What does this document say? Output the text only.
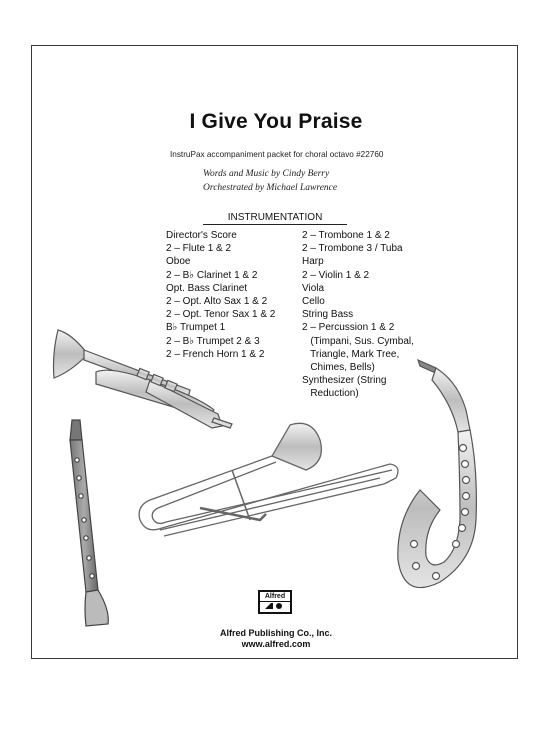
I Give You Praise
InstruPax accompaniment packet for choral octavo #22760
Words and Music by Cindy Berry
Orchestrated by Michael Lawrence
INSTRUMENTATION
Director's Score
2 – Flute 1 & 2
Oboe
2 – B♭ Clarinet 1 & 2
Opt. Bass Clarinet
2 – Opt. Alto Sax 1 & 2
2 – Opt. Tenor Sax 1 & 2
B♭ Trumpet 1
2 – B♭ Trumpet 2 & 3
2 – French Horn 1 & 2
2 – Trombone 1 & 2
2 – Trombone 3 / Tuba
Harp
2 – Violin 1 & 2
Viola
Cello
String Bass
2 – Percussion 1 & 2
(Timpani, Sus. Cymbal,
Triangle, Mark Tree,
Chimes, Bells)
Synthesizer (String
Reduction)
Alfred
Alfred Publishing Co., Inc.
www.alfred.com
